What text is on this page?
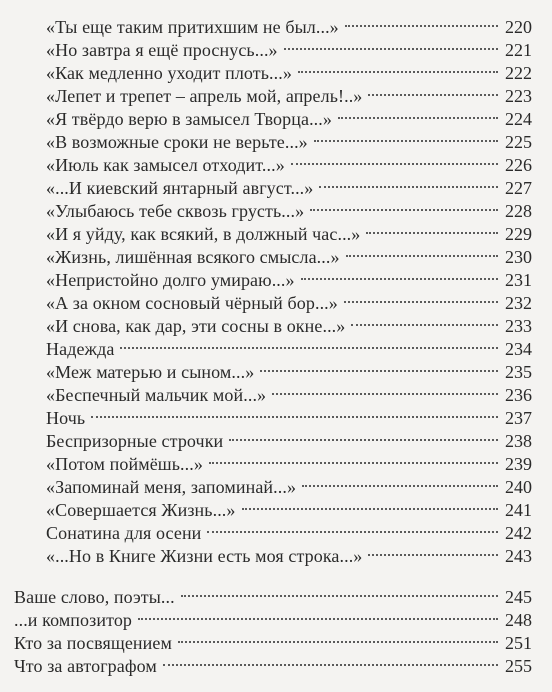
«Ты еще таким притихшим не был...»	220
«Но завтра я ещё проснусь...»	221
«Как медленно уходит плоть...»	222
«Лепет и трепет – апрель мой, апрель!..»	223
«Я твёрдо верю в замысел Творца...»	224
«В возможные сроки не верьте...»	225
«Июль как замысел отходит...»	226
«...И киевский янтарный август...»	227
«Улыбаюсь тебе сквозь грусть...»	228
«И я уйду, как всякий, в должный час...»	229
«Жизнь, лишённая всякого смысла...»	230
«Непристойно долго умираю...»	231
«А за окном сосновый чёрный бор...»	232
«И снова, как дар, эти сосны в окне...»	233
Надежда	234
«Меж матерью и сыном...»	235
«Беспечный мальчик мой...»	236
Ночь	237
Беспризорные строчки	238
«Потом поймёшь...»	239
«Запоминай меня, запоминай...»	240
«Совершается Жизнь...»	241
Сонатина для осени	242
«...Но в Книге Жизни есть моя строка...»	243
Ваше слово, поэты...	245
...и композитор	248
Кто за посвящением	251
Что за автографом	255
